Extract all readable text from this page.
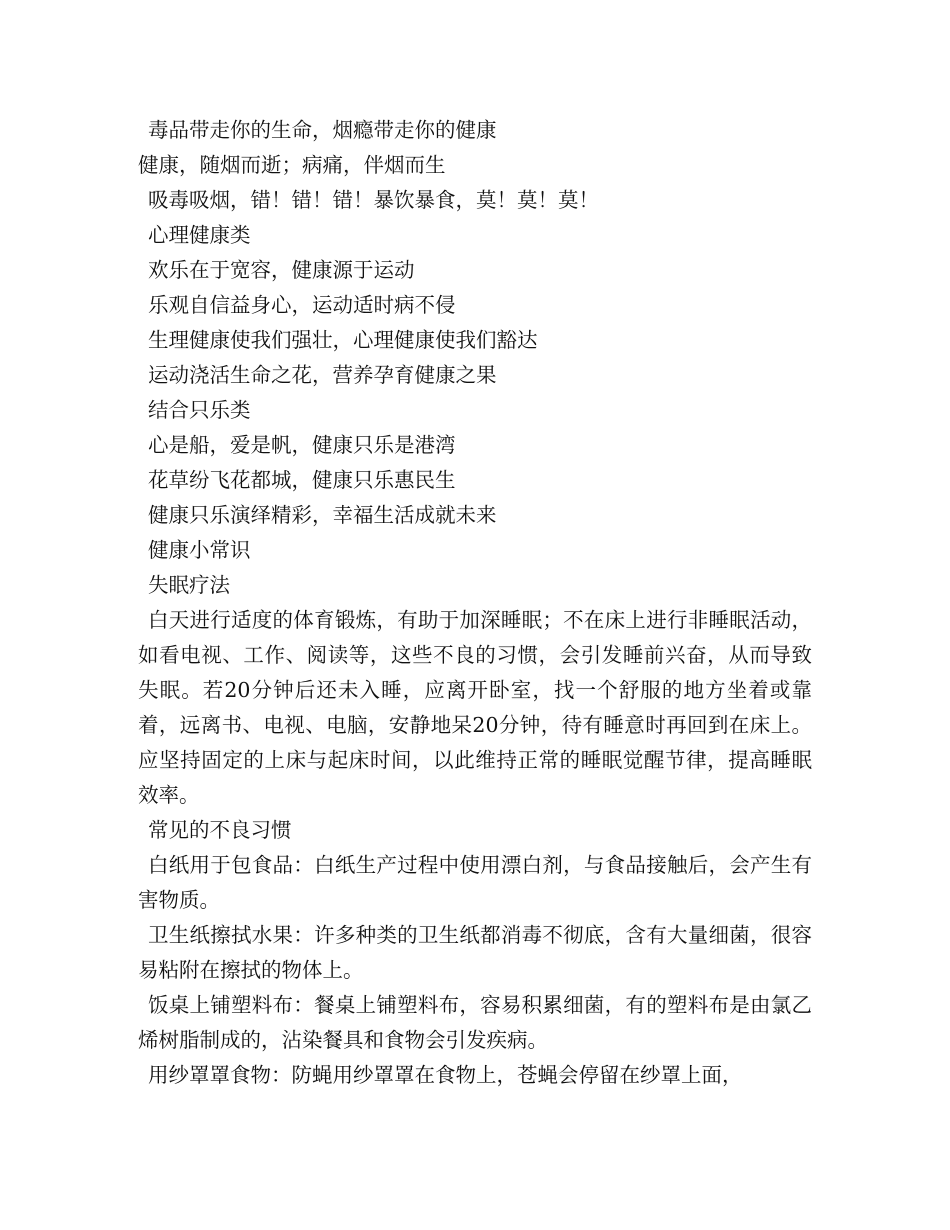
毒品带走你的生命，烟瘾带走你的健康
健康，随烟而逝；病痛，伴烟而生
吸毒吸烟，错！错！错！暴饮暴食，莫！莫！莫！
心理健康类
欢乐在于宽容，健康源于运动
乐观自信益身心，运动适时病不侵
生理健康使我们强壮，心理健康使我们豁达
运动浇活生命之花，营养孕育健康之果
结合只乐类
心是船，爱是帆，健康只乐是港湾
花草纷飞花都城，健康只乐惠民生
健康只乐演绎精彩，幸福生活成就未来
健康小常识
失眠疗法
白天进行适度的体育锻炼，有助于加深睡眠；不在床上进行非睡眠活动，如看电视、工作、阅读等，这些不良的习惯，会引发睡前兴奋，从而导致失眠。若20分钟后还未入睡，应离开卧室，找一个舒服的地方坐着或靠着，远离书、电视、电脑，安静地呆20分钟，待有睡意时再回到在床上。应坚持固定的上床与起床时间，以此维持正常的睡眠觉醒节律，提高睡眠效率。
常见的不良习惯
白纸用于包食品：白纸生产过程中使用漂白剂，与食品接触后，会产生有害物质。
卫生纸擦拭水果：许多种类的卫生纸都消毒不彻底，含有大量细菌，很容易粘附在擦拭的物体上。
饭桌上铺塑料布：餐桌上铺塑料布，容易积累细菌，有的塑料布是由氯乙烯树脂制成的，沾染餐具和食物会引发疾病。
用纱罩罩食物：防蝇用纱罩罩在食物上，苍蝇会停留在纱罩上面，
